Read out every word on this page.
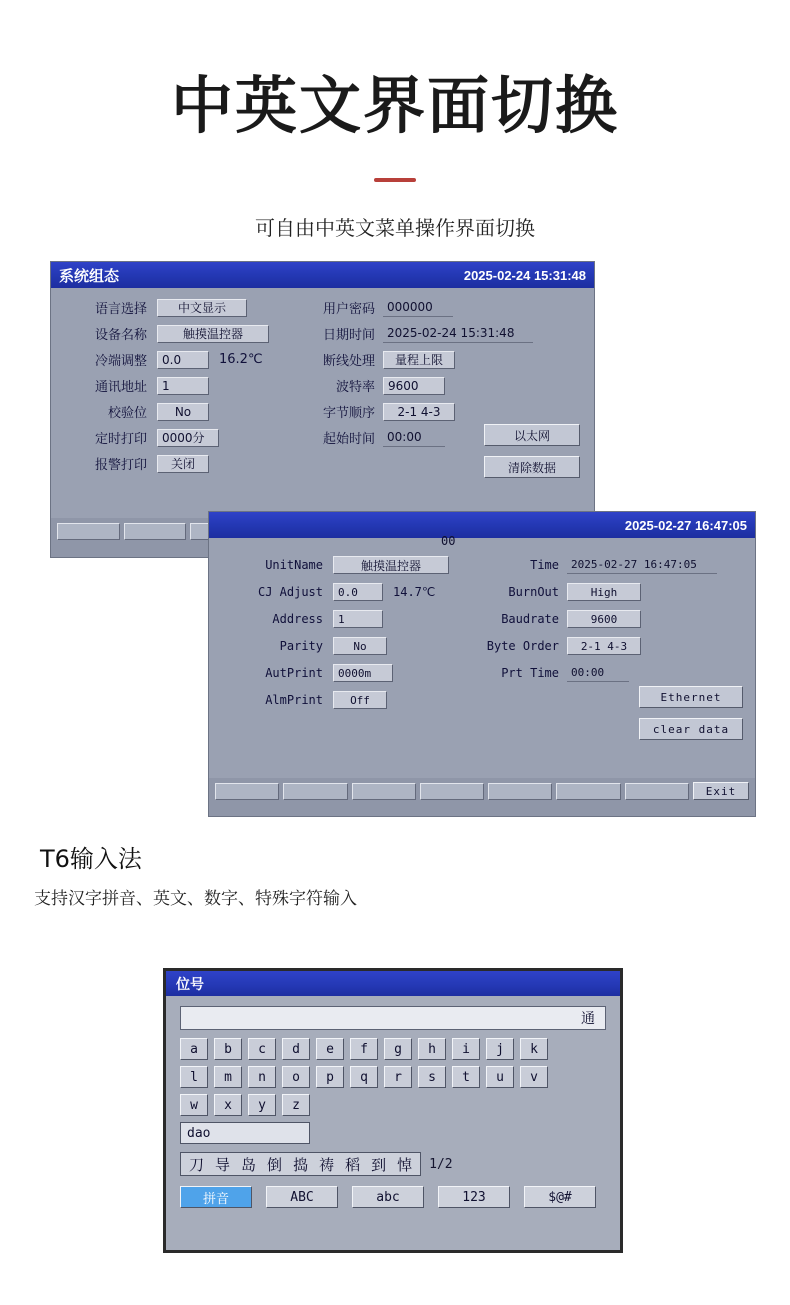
中英文界面切换
可自由中英文菜单操作界面切换
系统组态	2025-02-24 15:31:48
语言选择	中文显示
设备名称	触摸温控器
冷端调整	0.0	16.2℃
通讯地址	1
校验位	No
定时打印	0000分
报警打印	关闭
用户密码	000000
日期时间	2025-02-24 15:31:48
断线处理	量程上限
波特率	9600
字节顺序	2-1 4-3
起始时间	00:00	以太网
清除数据
2025-02-27 16:47:05
00
UnitName	触摸温控器
CJ Adjust	0.0	14.7℃
Address	1
Parity	No
AutPrint	0000m
AlmPrint	Off
Time	2025-02-27 16:47:05
BurnOut	High
Baudrate	9600
Byte Order	2-1 4-3
Prt Time	00:00
Ethernet
clear data
Exit
T6输入法
支持汉字拼音、英文、数字、特殊字符输入
位号
通
a	b	c	d	e	f	g	h	i	j	k
l	m	n	o	p	q	r	s	t	u	v
w	x	y	z
dao
刀 导 岛 倒 捣 祷 稻 到 悼 1/2
拼音	ABC	abc	123	$@#
